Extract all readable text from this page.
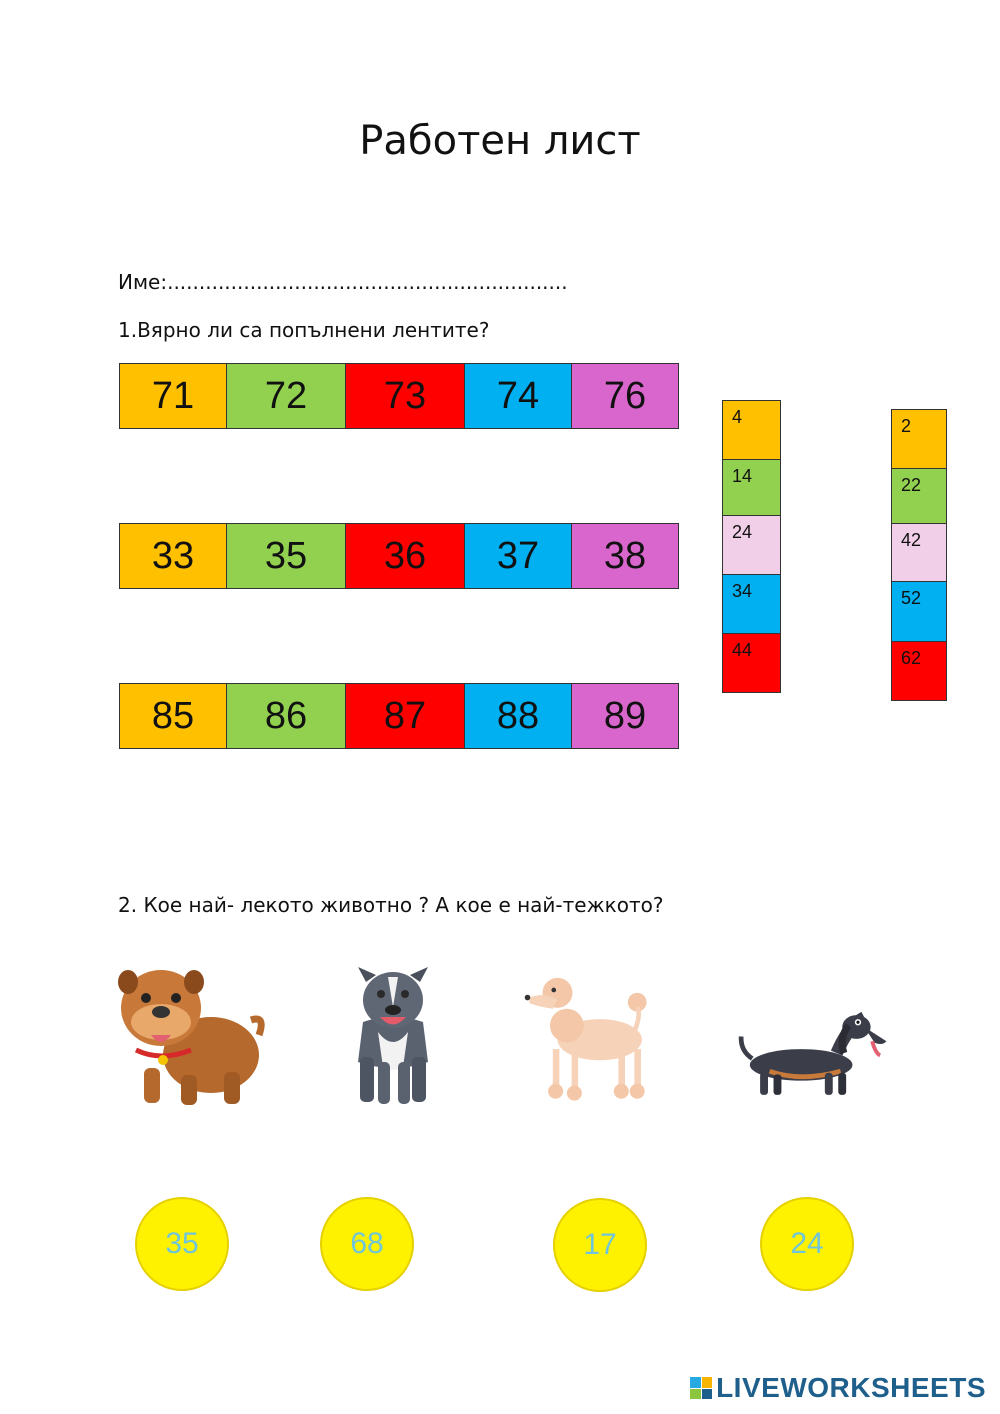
Работен лист
Име:...............................................................
1.Вярно ли са попълнени лентите?
71	72	73	74	76
33	35	36	37	38
85	86	87	88	89
4
14
24
34
44
2
22
42
52
62
2. Кое най- лекото животно ? А кое е най-тежкото?
35	68	17	24
LIVEWORKSHEETS
